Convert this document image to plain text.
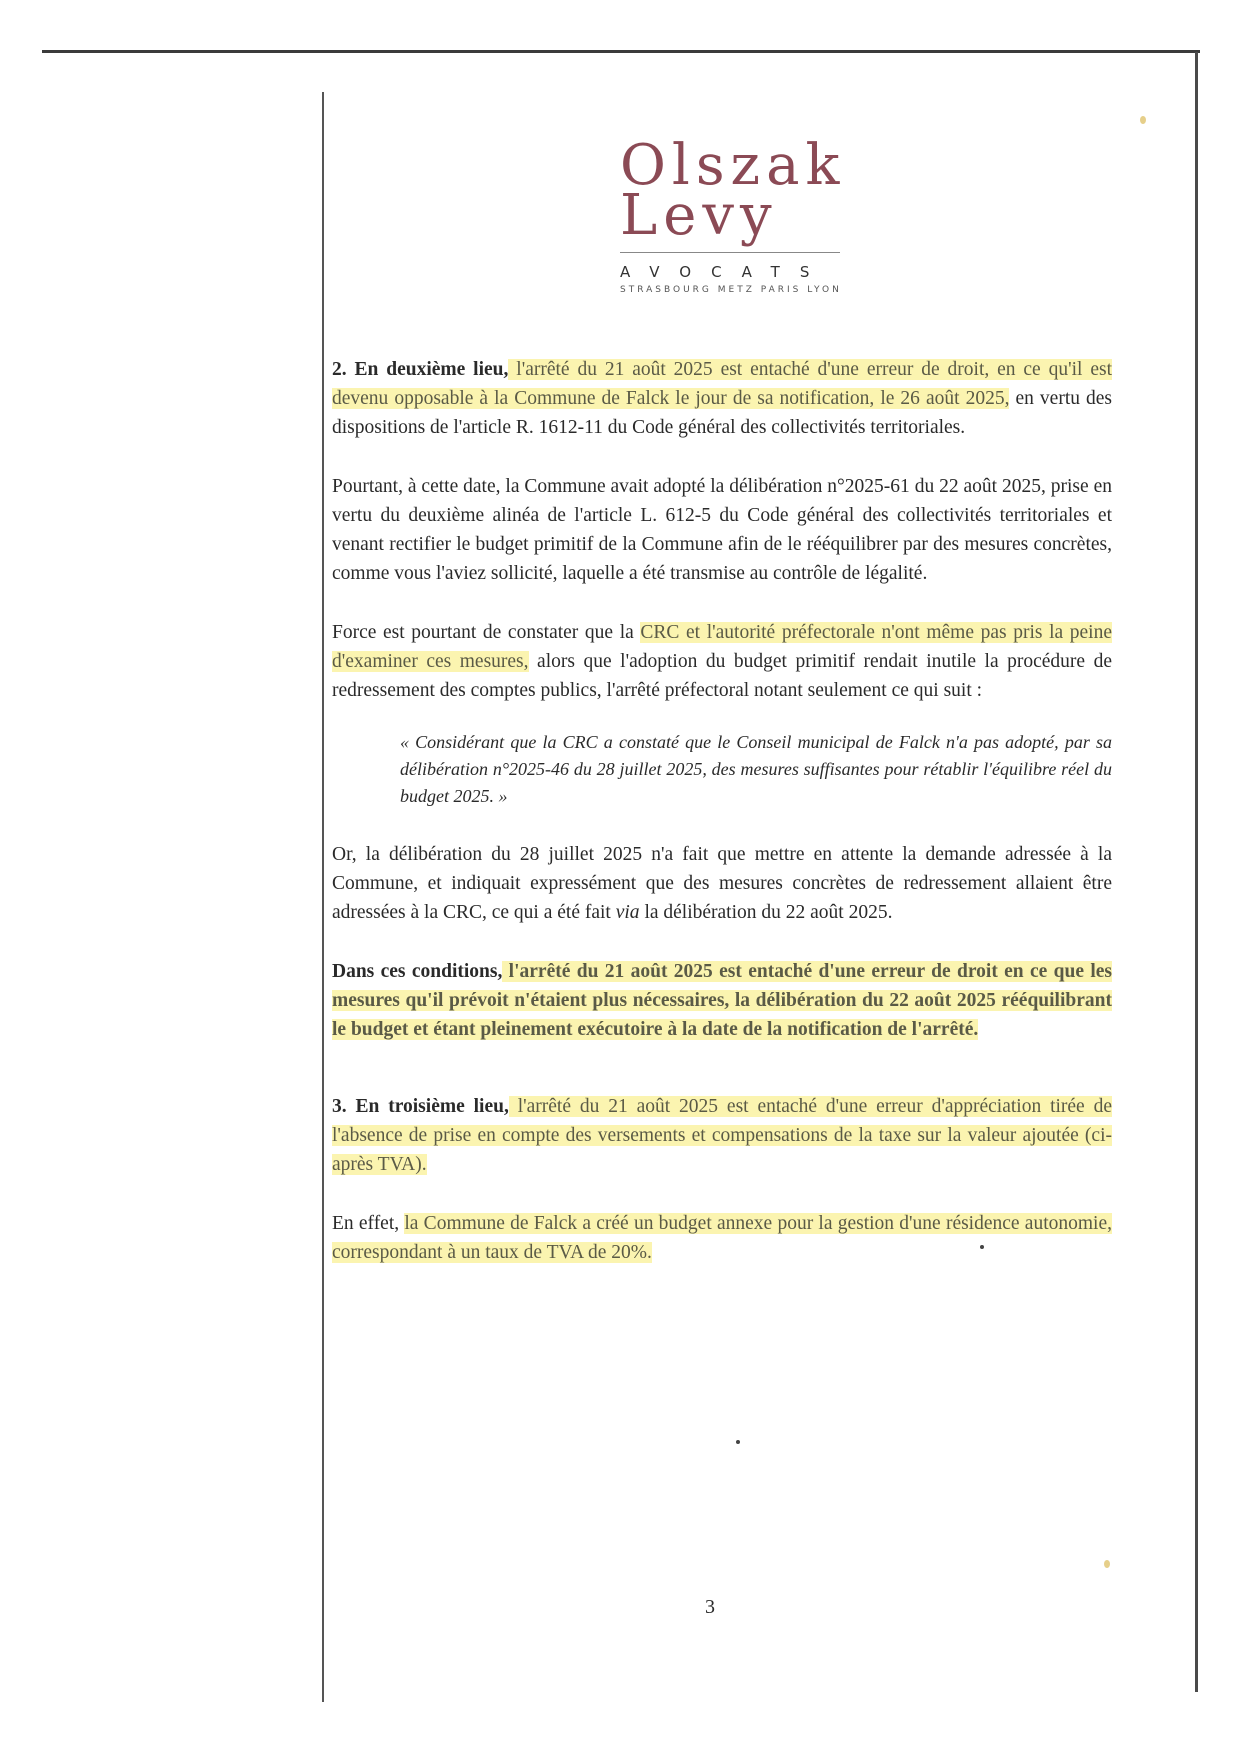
Olszak
Levy
AVOCATS
STRASBOURG METZ PARIS LYON

2. En deuxième lieu, l'arrêté du 21 août 2025 est entaché d'une erreur de droit, en ce qu'il est devenu opposable à la Commune de Falck le jour de sa notification, le 26 août 2025, en vertu des dispositions de l'article R. 1612-11 du Code général des collectivités territoriales.

Pourtant, à cette date, la Commune avait adopté la délibération n°2025-61 du 22 août 2025, prise en vertu du deuxième alinéa de l'article L. 612-5 du Code général des collectivités territoriales et venant rectifier le budget primitif de la Commune afin de le rééquilibrer par des mesures concrètes, comme vous l'aviez sollicité, laquelle a été transmise au contrôle de légalité.

Force est pourtant de constater que la CRC et l'autorité préfectorale n'ont même pas pris la peine d'examiner ces mesures, alors que l'adoption du budget primitif rendait inutile la procédure de redressement des comptes publics, l'arrêté préfectoral notant seulement ce qui suit :

« Considérant que la CRC a constaté que le Conseil municipal de Falck n'a pas adopté, par sa délibération n°2025-46 du 28 juillet 2025, des mesures suffisantes pour rétablir l'équilibre réel du budget 2025. »

Or, la délibération du 28 juillet 2025 n'a fait que mettre en attente la demande adressée à la Commune, et indiquait expressément que des mesures concrètes de redressement allaient être adressées à la CRC, ce qui a été fait via la délibération du 22 août 2025.

Dans ces conditions, l'arrêté du 21 août 2025 est entaché d'une erreur de droit en ce que les mesures qu'il prévoit n'étaient plus nécessaires, la délibération du 22 août 2025 rééquilibrant le budget et étant pleinement exécutoire à la date de la notification de l'arrêté.

3. En troisième lieu, l'arrêté du 21 août 2025 est entaché d'une erreur d'appréciation tirée de l'absence de prise en compte des versements et compensations de la taxe sur la valeur ajoutée (ci-après TVA).

En effet, la Commune de Falck a créé un budget annexe pour la gestion d'une résidence autonomie, correspondant à un taux de TVA de 20%.

3
